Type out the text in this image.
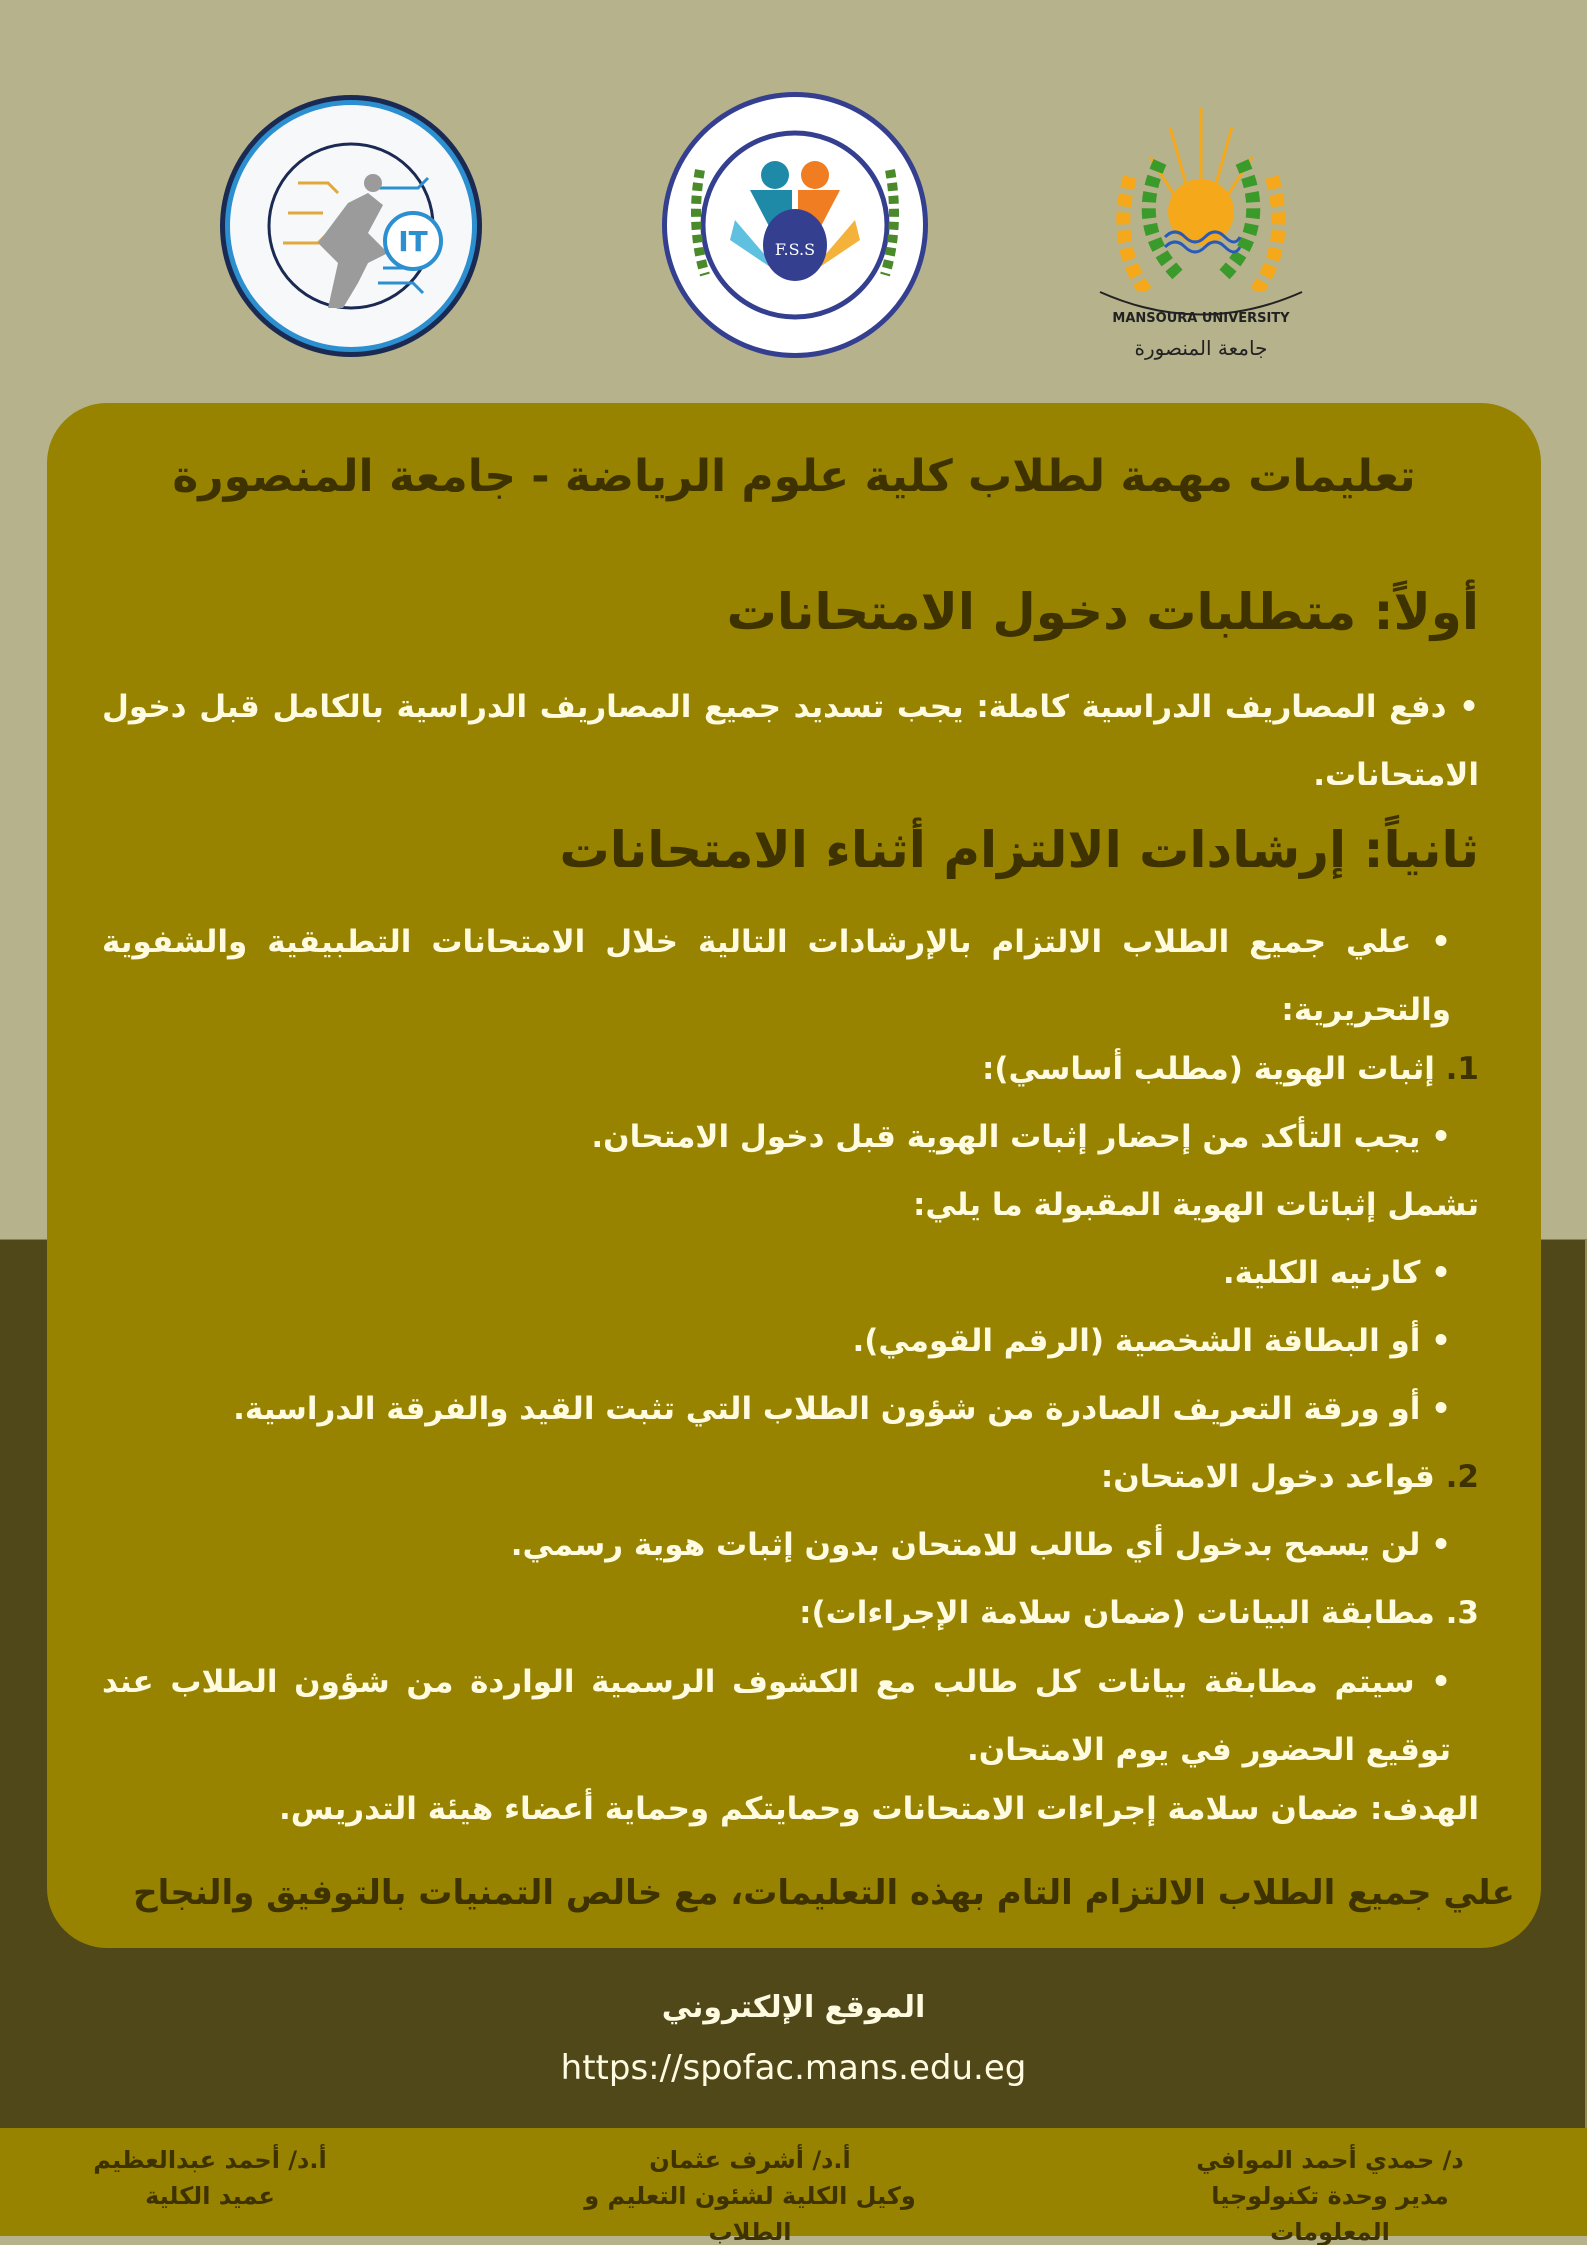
IT	F.S.S
MANSOURA UNIVERSITY
جامعة المنصورة
تعليمات مهمة لطلاب كلية علوم الرياضة - جامعة المنصورة
أولاً: متطلبات دخول الامتحانات
• دفع المصاريف الدراسية كاملة: يجب تسديد جميع المصاريف الدراسية بالكامل قبل دخول الامتحانات.
ثانياً: إرشادات الالتزام أثناء الامتحانات
• علي جميع الطلاب الالتزام بالإرشادات التالية خلال الامتحانات التطبيقية والشفوية والتحريرية:
1. إثبات الهوية (مطلب أساسي):
• يجب التأكد من إحضار إثبات الهوية قبل دخول الامتحان.
تشمل إثباتات الهوية المقبولة ما يلي:
• كارنيه الكلية.
• أو البطاقة الشخصية (الرقم القومي).
• أو ورقة التعريف الصادرة من شؤون الطلاب التي تثبت القيد والفرقة الدراسية.
2. قواعد دخول الامتحان:
• لن يسمح بدخول أي طالب للامتحان بدون إثبات هوية رسمي.
3. مطابقة البيانات (ضمان سلامة الإجراءات):
• سيتم مطابقة بيانات كل طالب مع الكشوف الرسمية الواردة من شؤون الطلاب عند توقيع الحضور في يوم الامتحان.
الهدف: ضمان سلامة إجراءات الامتحانات وحمايتكم وحماية أعضاء هيئة التدريس.
علي جميع الطلاب الالتزام التام بهذه التعليمات، مع خالص التمنيات بالتوفيق والنجاح
الموقع الإلكتروني
https://spofac.mans.edu.eg
د/ حمدي أحمد الموافي
مدير وحدة تكنولوجيا المعلومات
أ.د/ أشرف عثمان
وكيل الكلية لشئون التعليم و الطلاب
أ.د/ أحمد عبدالعظيم
عميد الكلية
